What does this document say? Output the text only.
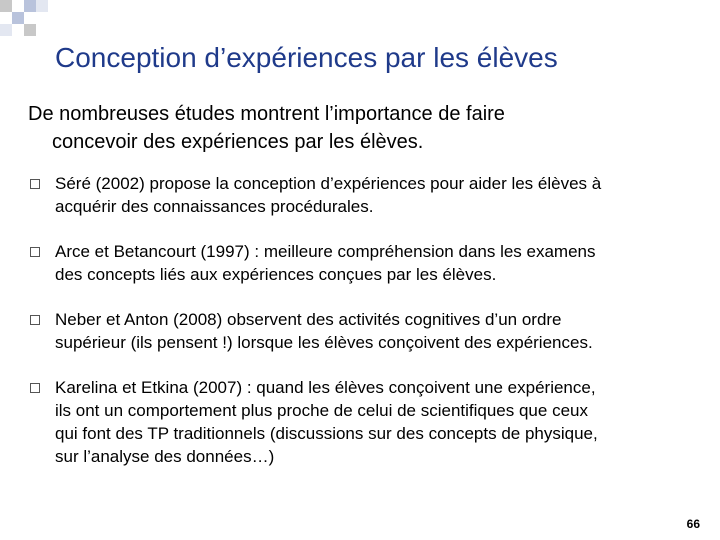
Conception d’expériences par les élèves
De nombreuses études montrent l’importance de faire
concevoir des expériences par les élèves.
Séré (2002) propose la conception d’expériences pour aider les élèves à
acquérir des connaissances procédurales.
Arce et Betancourt (1997) : meilleure compréhension dans les examens
des concepts liés aux expériences conçues par les élèves.
Neber et Anton (2008) observent des activités cognitives d’un ordre
supérieur (ils pensent !) lorsque les élèves conçoivent des expériences.
Karelina et Etkina (2007) : quand les élèves conçoivent une expérience,
ils ont un comportement plus proche de celui de scientifiques que ceux
qui font des TP traditionnels (discussions sur des concepts de physique,
sur l’analyse des données…)
66
